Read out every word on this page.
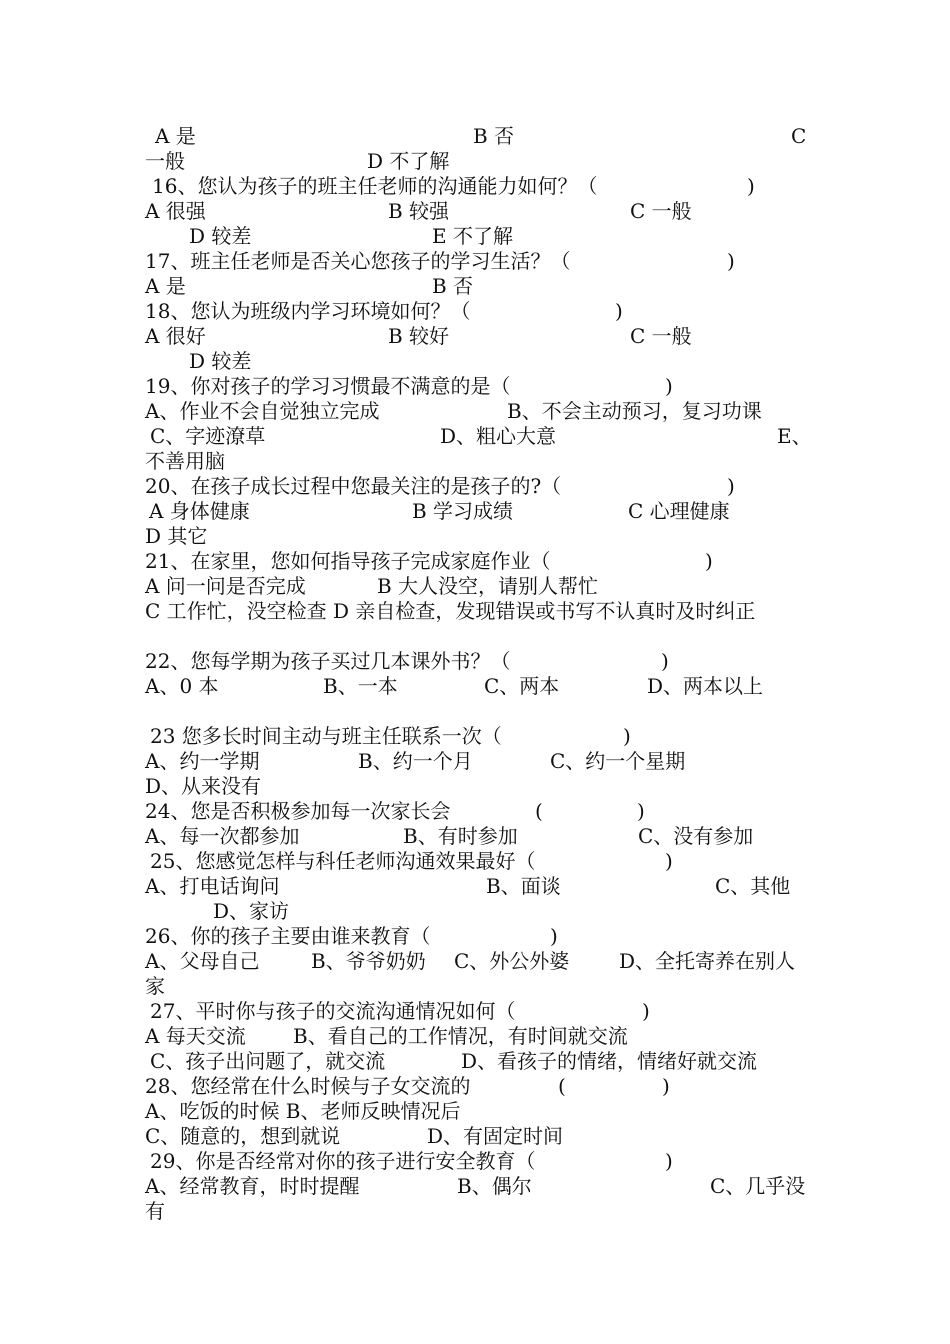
A 是	B 否	C
一般	D 不了解
16、您认为孩子的班主任老师的沟通能力如何？（	)
A 很强	B 较强	C 一般
D 较差	E 不了解
17、班主任老师是否关心您孩子的学习生活？（	)
A 是	B 否
18、您认为班级内学习环境如何？（	)
A 很好	B 较好	C 一般
D 较差
19、你对孩子的学习习惯最不满意的是（	)
A、作业不会自觉独立完成	B、不会主动预习，复习功课
C、字迹潦草	D、粗心大意	E、
不善用脑
20、在孩子成长过程中您最关注的是孩子的?（	)
A 身体健康	B 学习成绩	C 心理健康
D 其它
21、在家里，您如何指导孩子完成家庭作业（	)
A 问一问是否完成	B 大人没空，请别人帮忙
C 工作忙，没空检查 D 亲自检查，发现错误或书写不认真时及时纠正
22、您每学期为孩子买过几本课外书？（	)
A、0 本	B、一本	C、两本	D、两本以上
23 您多长时间主动与班主任联系一次（	)
A、约一学期	B、约一个月	C、约一个星期
D、从来没有
24、您是否积极参加每一次家长会	(	)
A、每一次都参加	B、有时参加	C、没有参加
25、您感觉怎样与科任老师沟通效果最好（	)
A、打电话询问	B、面谈	C、其他
D、家访
26、你的孩子主要由谁来教育（	)
A、父母自己	B、爷爷奶奶 C、外公外婆 D、全托寄养在别人
家
27、平时你与孩子的交流沟通情况如何（	)
A 每天交流 B、看自己的工作情况，有时间就交流
C、孩子出问题了，就交流	D、看孩子的情绪，情绪好就交流
28、您经常在什么时候与子女交流的	(	)
A、吃饭的时候 B、老师反映情况后
C、随意的，想到就说	D、有固定时间
29、你是否经常对你的孩子进行安全教育（	)
A、经常教育，时时提醒	B、偶尔	C、几乎没
有
